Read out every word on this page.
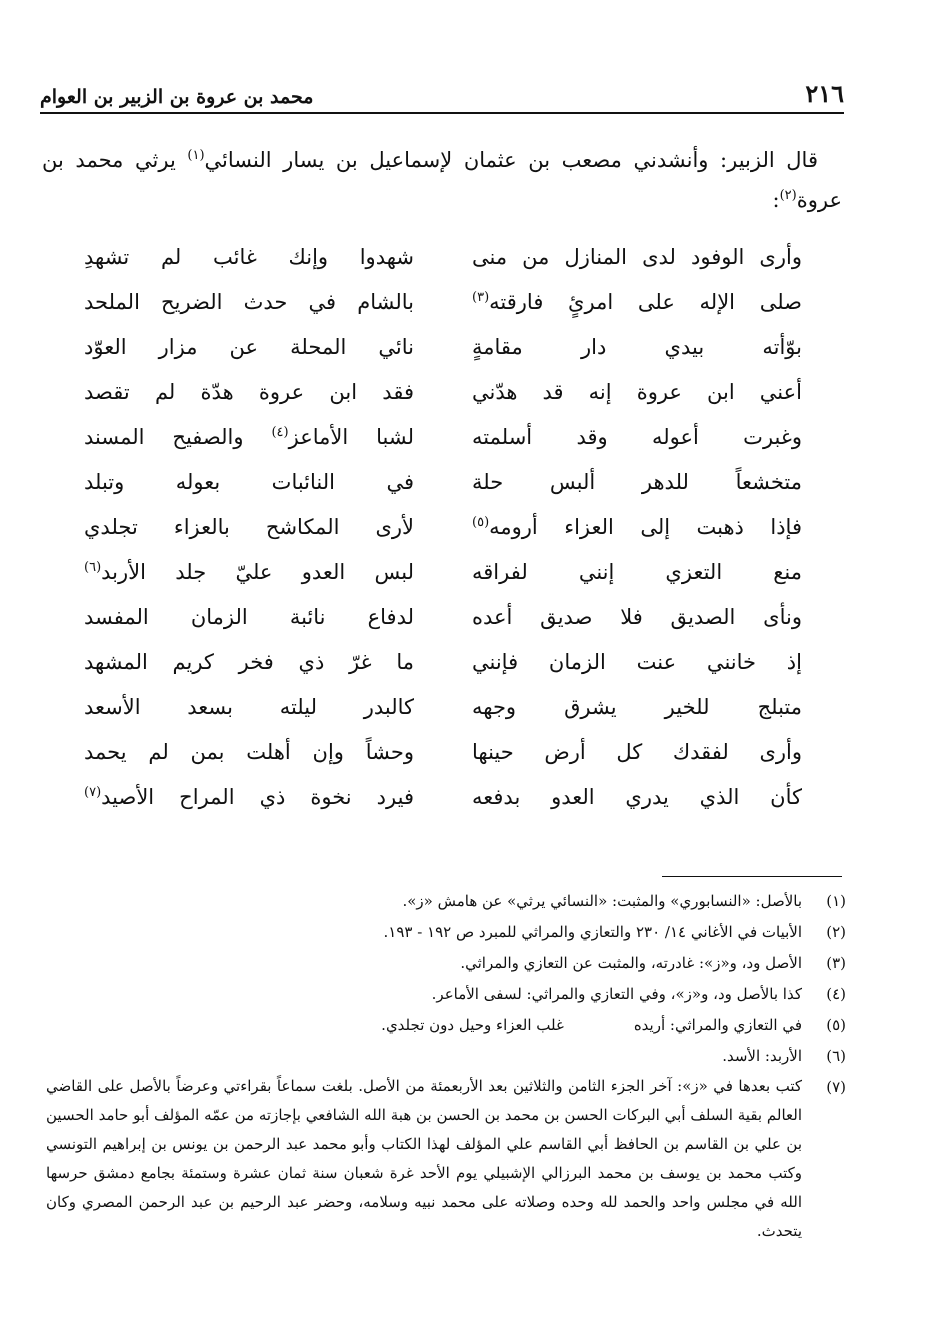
٢١٦
محمد بن عروة بن الزبير بن العوام
قال الزبير: وأنشدني مصعب بن عثمان لإسماعيل بن يسار النسائي$^{(١)}$ يرثي محمد بن عروة$^{(٢)}$:
وأرى الوفود لدى المنازل من منى
شهدوا وإنك غائب لم تشهدِ
صلى الإله على امرئٍ فارقته$^{(٣)}$
بالشام في حدث الضريح الملحد
بوّأته بيدي دار مقامةٍ
نائي المحلة عن مزار العوّد
أعني ابن عروة إنه قد هدّني
فقد ابن عروة هدّة لم تقصد
وغبرت أعوله وقد أسلمته
لشبا الأماعز$^{(٤)}$ والصفيح المسند
متخشعاً للدهر ألبس حلة
في النائبات بعوله وتبلد
فإذا ذهبت إلى العزاء أرومه$^{(٥)}$
لأرى المكاشح بالعزاء تجلدي
منع التعزي إنني لفراقه
لبس العدو عليّ جلد الأربد$^{(٦)}$
ونأى الصديق فلا صديق أعده
لدفاع نائبة الزمان المفسد
إذ خانني عنت الزمان فإنني
ما غرّ ذي فخر كريم المشهد
متبلج للخير يشرق وجهه
كالبدر ليلته بسعد الأسعد
وأرى لفقدك كل أرض حينها
وحشاً وإن أهلت بمن لم يحمد
كأن الذي يدري العدو بدفعه
فيرد نخوة ذي المراح الأصيد$^{(٧)}$
(١)
بالأصل: «النسابوري» والمثبت: «النسائي يرثي» عن هامش «ز».
(٢)
الأبيات في الأغاني ١٤/ ٢٣٠ والتعازي والمراثي للمبرد ص ١٩٢ - ١٩٣.
(٣)
الأصل ود، و«ز»: غادرته، والمثبت عن التعازي والمراثي.
(٤)
كذا بالأصل ود، و«ز»، وفي التعازي والمراثي: لسفى الأماعر.
(٥)
في التعازي والمراثي: أريدهغلب العزاء وحيل دون تجلدي.
(٦)
الأربد: الأسد.
(٧)
كتب بعدها في «ز»: آخر الجزء الثامن والثلاثين بعد الأربعمئة من الأصل. بلغت سماعاً بقراءتي وعرضاً بالأصل على القاضي العالم بقية السلف أبي البركات الحسن بن محمد بن الحسن بن هبة الله الشافعي بإجازته من عمّه المؤلف أبو حامد الحسين بن علي بن القاسم بن الحافظ أبي القاسم علي المؤلف لهذا الكتاب وأبو محمد عبد الرحمن بن يونس بن إبراهيم التونسي وكتب محمد بن يوسف بن محمد البرزالي الإشبيلي يوم الأحد غرة شعبان سنة ثمان عشرة وستمئة بجامع دمشق حرسها الله في مجلس واحد والحمد لله وحده وصلاته على محمد نبيه وسلامه، وحضر عبد الرحيم بن عبد الرحمن المصري وكان يتحدث.
